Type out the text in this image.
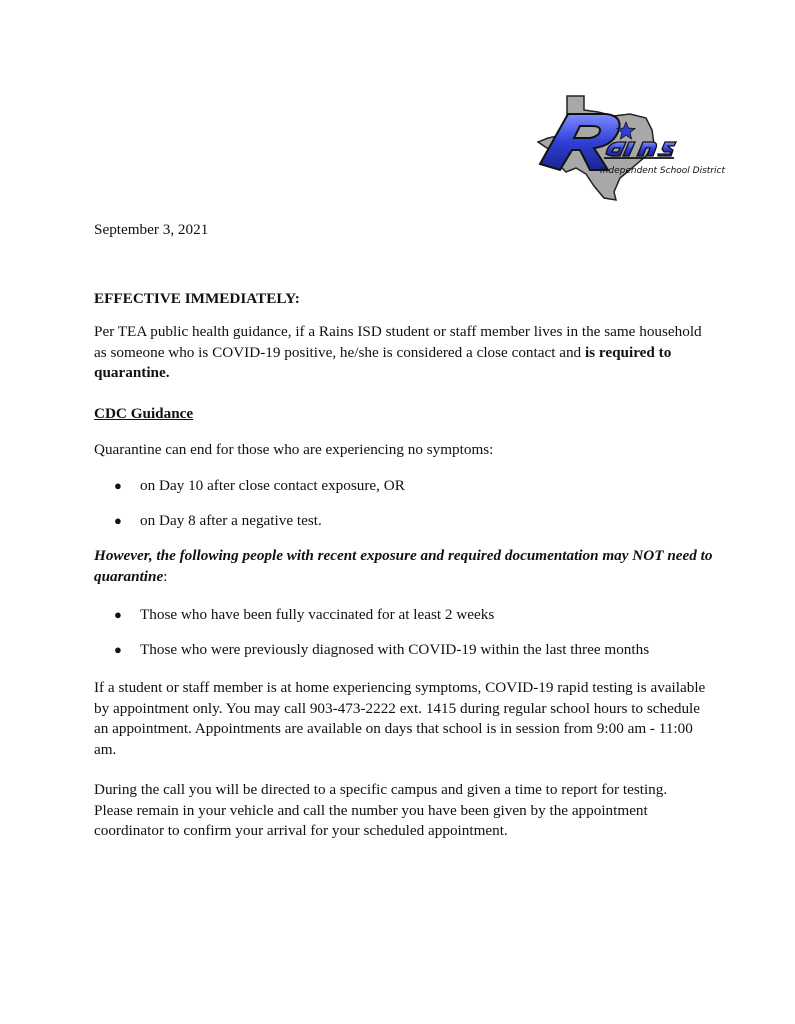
Independent School District
September 3, 2021
EFFECTIVE IMMEDIATELY:
Per TEA public health guidance, if a Rains ISD student or staff member lives in the same household as someone who is COVID-19 positive, he/she is considered a close contact and is required to quarantine.
CDC Guidance
Quarantine can end for those who are experiencing no symptoms:
● on Day 10 after close contact exposure, OR
● on Day 8 after a negative test.
However, the following people with recent exposure and required documentation may NOT need to quarantine:
● Those who have been fully vaccinated for at least 2 weeks
● Those who were previously diagnosed with COVID-19 within the last three months
If a student or staff member is at home experiencing symptoms, COVID-19 rapid testing is available by appointment only. You may call 903-473-2222 ext. 1415 during regular school hours to schedule an appointment. Appointments are available on days that school is in session from 9:00 am - 11:00 am.
During the call you will be directed to a specific campus and given a time to report for testing. Please remain in your vehicle and call the number you have been given by the appointment coordinator to confirm your arrival for your scheduled appointment.
